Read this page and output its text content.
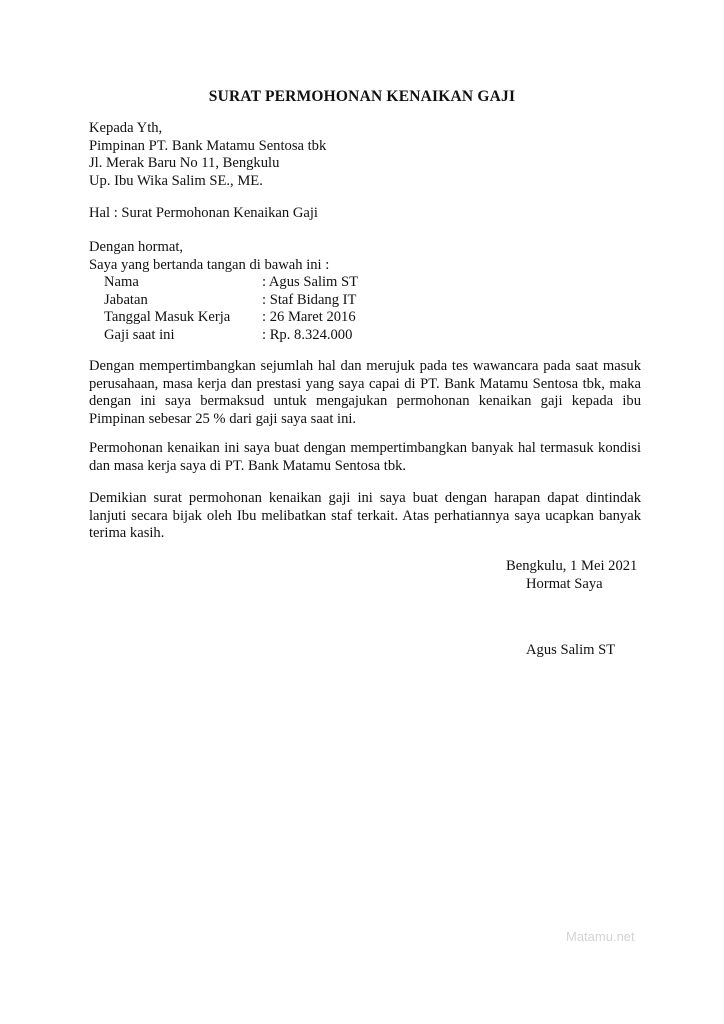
SURAT PERMOHONAN KENAIKAN GAJI
Kepada Yth,
Pimpinan PT. Bank Matamu Sentosa tbk
Jl. Merak Baru No 11, Bengkulu
Up. Ibu Wika Salim SE., ME.
Hal : Surat Permohonan Kenaikan Gaji
Dengan hormat,
Saya yang bertanda tangan di bawah ini :
Nama	: Agus Salim ST
Jabatan	: Staf Bidang IT
Tanggal Masuk Kerja	: 26 Maret 2016
Gaji saat ini	: Rp. 8.324.000
Dengan mempertimbangkan sejumlah hal dan merujuk pada tes wawancara pada saat masuk perusahaan, masa kerja dan prestasi yang saya capai di PT. Bank Matamu Sentosa tbk, maka dengan ini saya bermaksud untuk mengajukan permohonan kenaikan gaji kepada ibu Pimpinan sebesar 25 % dari gaji saya saat ini.
Permohonan kenaikan ini saya buat dengan mempertimbangkan banyak hal termasuk kondisi dan masa kerja saya di PT. Bank Matamu Sentosa tbk.
Demikian surat permohonan kenaikan gaji ini saya buat dengan harapan dapat dintindak lanjuti secara bijak oleh Ibu melibatkan staf terkait. Atas perhatiannya saya ucapkan banyak terima kasih.
Bengkulu, 1 Mei 2021
Hormat Saya
Agus Salim ST
Matamu.net
